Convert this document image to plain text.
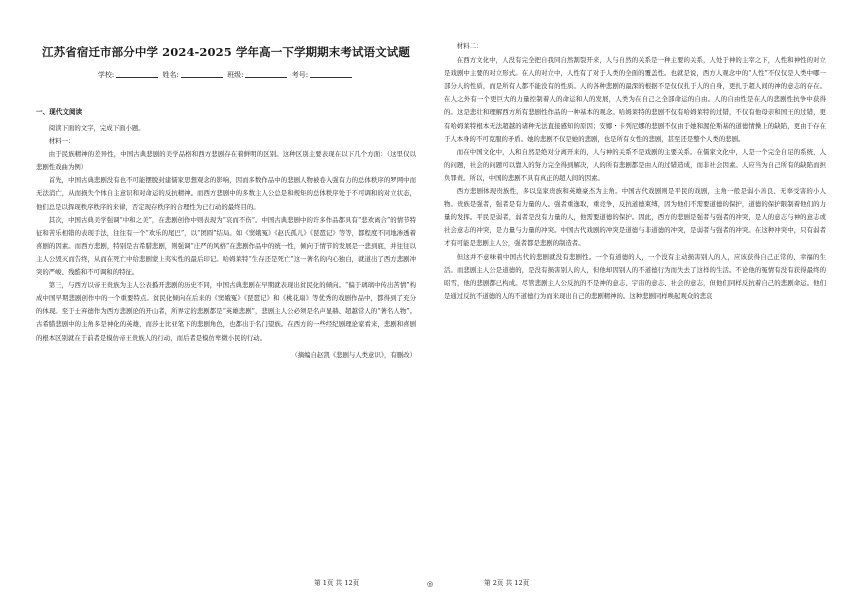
江苏省宿迁市部分中学 2024-2025 学年高一下学期期末考试语文试题
学校:	姓名:	班级:	考号:
一、现代文阅读

阅读下面的文字，完成下面小题。

材料一：

由于民族精神的差异性，中国古典悲剧的美学品格和西方悲剧存在着鲜明的区别。这种区别主要表现在以下几个方面：（这里仅以悲剧性戏曲为例）

首先，中国古典悲剧没有也不可能摆脱封建儒家思想观念的影响，因而多数作品中的悲剧人物被卷入强有力的总体秩序的罗网中而无法消亡，从而损失个体自主意识和对命运的反抗精神。而西方悲剧中的多数主人公总是和规矩的总体秩序处于不可调和的对立状态，他们总是以挥现秩序秩序的来律，否定现存秩序的合理性为已行动的最终目的。

其次，中国古典美学强调“中和之美”，在悲剧创作中则表现为“哀而不伤”。中国古典悲剧中的许多作品都具有“悲欢离合”的情节特征和苦乐相错的表现手法，往往有一个“欢乐的尾巴”，以“团圆”结局。如《窦娥冤》《赵氏孤儿》《琵琶记》等等，都程度不同地渗透着喜剧的因素。而西方悲剧，特别是古希腊悲剧，则强调“庄严的风格”在悲剧作品中的统一性，倾向于情节的发展是一悲到底，并往往以主人公毁灭而告终，从而在死亡中给悲剧蒙上夷实性的最后印记。哈姆莱特“生存还是死亡”这一著名的内心独白，就道出了西方悲剧冲突的严峻、残酷和不可调和的特征。

第三，与西方以帝王贵族为主人公表撝开悲剧的历史不同，中国古典悲剧在早期就表现出贫民化的倾向。“偏于璃璃中传出苦情”构成中国早期悲剧创作中的一个重要特点。贫民化倾向在后来的《窦娥冤》《琵琶记》和《桃花扇》等优秀的戏剧作品中，都得到了充分的体现。至于士弃德作为西方悲剧论的开山者，所界定的悲剧都是“英雄悲剧”，悲剧主人公必须是名声显赫、超越常人的“著名人物”。古希腊悲剧中的主角多是神化的英雄，而莎士比亚笔下的悲剧角色，也都出于名门望族。在西方的一些经纪剧理论家看来，悲剧和喜剧的根本区别就在于前者是模仿帝王贵族人的行动，而后者是模仿卑微小民的行动。

（摘编自赵凯《悲剧与人类意识》，有删改）

材料二：

在西方文化中，人没有完全把自我同自然割裂开来，人与自然的关系是一种主要的关系，人处于神的主宰之下，人性和神性的对立是戏剧中主要的对立形式。在人的对立中，人性有了对于人类的全面的覆盖性。也就是说，西方人观念中的“人性”不仅仅是人类中哪一部分人的性质，而是所有人都不能没有的性质。人的各种悲剧的最深的根据不是仅仅扎于人的自身，更扎于超人间的神的意志的存在。在人之外有一个更巨大的力量控制着人的命运和人的发展，人类为在自己之全部命运的自由。人的自由性是在人的悲剧性抗争中获得的。这是悲壮和理解西方所有悲剧性作品的一种基本的观念。哈姆莱特的悲剧不仅有哈姆莱特的过错，不仅有他母亲和国王的过错，更有哈姆莱特根本无法超越的诸种无法直接感知的原因；安娜・卡列尼娜的悲剧不仅由于她和渥伦斯基的道德情操上的缺陷，更由于存在于人本身的不可克服的矛盾。她的悲剧不仅是她的悲剧，也是所有女性的悲剧，甚至还是整个人类的悲剧。

而在中国文化中，人和自然是绝对分离开来的，人与神的关系不是戏剧的主要关系。在儒家文化中，人是一个完全自足的系统，人的问题，社会的问题可以靠人的努力完全得到解决，人的所有悲剧都是由人的过错造成，而非社会因素。人应当为自己所有的缺陷而担负罪责。所以，中国的悲剧不具有真正的超人间的因素。

西方悲剧体现贵族性，多以皇家贵族和英雄豪杰为主角。中国古代戏剧则是平民的戏剧，主角一般是弱小善良、无辜受害的小人物。贵族是强者，强者是有力量的人。强者重逸取，重竞争，反抗道德束缚，因为他们不需要道德的保护，道德的保护限制着他们的力量的发挥。平民是弱者，弱者是没有力量的人，他需要道德的保护。因此，西方的悲剧是强者与强者的冲突，是人的意志与神的意志或社会意志的冲突，是力量与力量的冲突。中国古代戏剧的冲突是道德与非道德的冲突，是弱者与强者的冲突。在这种冲突中，只有弱者才有可能是悲剧主人公，强者都是悲剧的制造者。

但这并不意味着中国古代的悲剧就没有悲剧性。一个有道德的人，一个没有主动损害别人的人，应该获得自己正常的、幸福的生活。而悲剧主人公是道德的，是没有损害别人的人，但他却因别人的不道德行为而失去了这样的生活。不论他的冤情有没有获得最终的昭雪，他的悲剧都已构成。尽管悲剧主人公反抗的不是神的意志、宇宙的意志、社会的意志，但他们同样反抗着自己的悲剧命运。他们是通过反抗不道德的人的不道德行为而来现出自己的悲剧精神的。这种悲剧同样唤起观众的悲哀

第 1页 共 12页	◎	第 2页 共 12页
